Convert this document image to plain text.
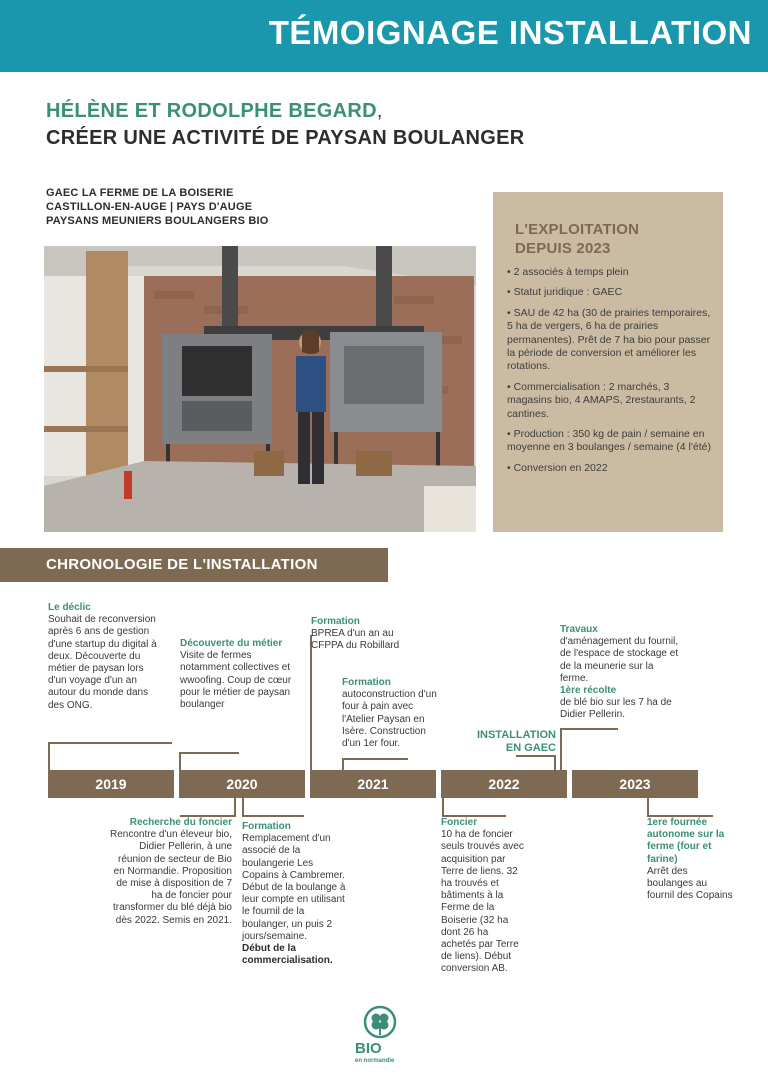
TÉMOIGNAGE INSTALLATION
HÉLÈNE ET RODOLPHE BEGARD,
CRÉER UNE ACTIVITÉ DE PAYSAN BOULANGER
GAEC LA FERME DE LA BOISERIE
CASTILLON-EN-AUGE | PAYS D'AUGE
PAYSANS MEUNIERS BOULANGERS BIO	L'EXPLOITATION
DEPUIS 2023
• 2 associés à temps plein
• Statut juridique : GAEC
• SAU de 42 ha (30 de prairies temporaires, 5 ha de vergers, 6 ha de prairies permanentes). Prêt de 7 ha bio pour passer la période de conversion et améliorer les rotations.
• Commercialisation : 2 marchés, 3 magasins bio, 4 AMAPS, 2restaurants, 2 cantines.
• Production : 350 kg de pain / semaine en moyenne en 3 boulanges / semaine (4 l'été)
• Conversion en 2022
CHRONOLOGIE DE L'INSTALLATION
2019	2020	2021	2022	2023
Le déclic
Souhait de reconversion après 6 ans de gestion d'une startup du digital à deux. Découverte du métier de paysan lors d'un voyage d'un an autour du monde dans des ONG.
Découverte du métier
Visite de fermes notamment collectives et wwoofing. Coup de cœur pour le métier de paysan boulanger
Formation
BPREA d'un an au CFPPA du Robillard
Formation
autoconstruction d'un four à pain avec l'Atelier Paysan en Isère. Construction d'un 1er four.
INSTALLATION EN GAEC
Travaux
d'aménagement du fournil, de l'espace de stockage et de la meunerie sur la ferme.
1ère récolte
de blé bio sur les 7 ha de Didier Pellerin.
Recherche du foncier
Rencontre d'un éleveur bio, Didier Pellerin, à une réunion de secteur de Bio en Normandie. Proposition de mise à disposition de 7 ha de foncier pour transformer du blé déjà bio dès 2022. Semis en 2021.
Formation
Remplacement d'un associé de la boulangerie Les Copains à Cambremer. Début de la boulange à leur compte en utilisant le fournil de la boulanger, un puis 2 jours/semaine.
Début de la commercialisation.
Foncier
10 ha de foncier seuls trouvés avec acquisition par Terre de liens. 32 ha trouvés et bâtiments à la Ferme de la Boiserie (32 ha dont 26 ha achetés par Terre de liens). Début conversion AB.
1ere fournée autonome sur la ferme (four et farine)
Arrêt des boulanges au fournil des Copains
BIO
en normandie
